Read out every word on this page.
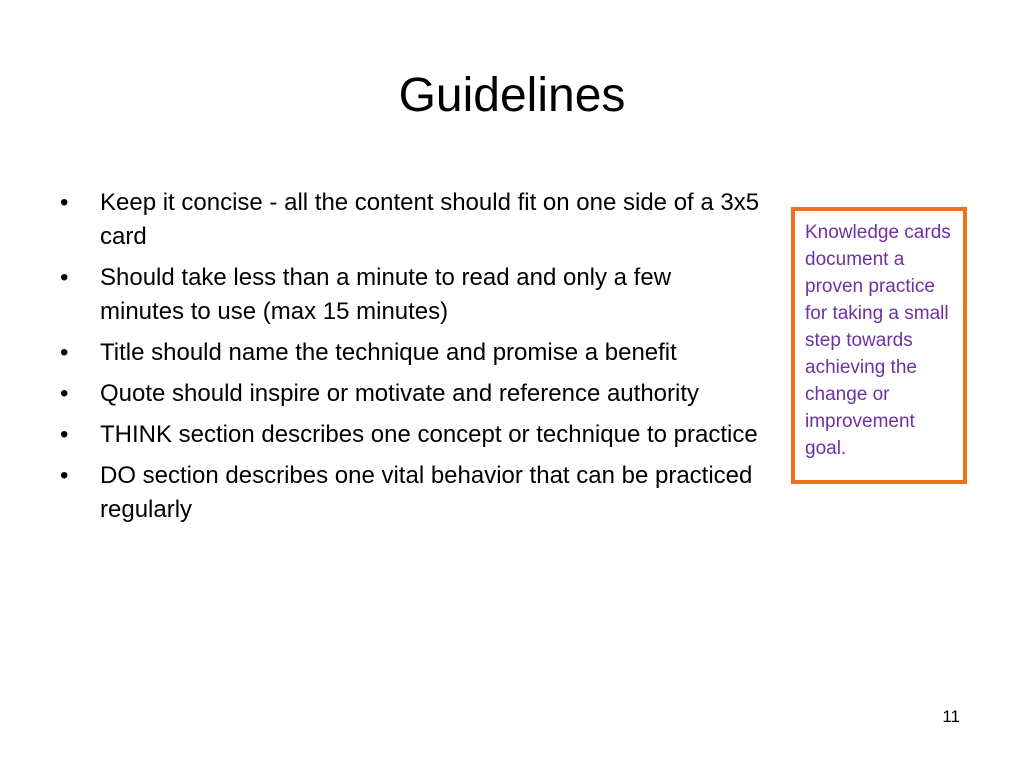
Guidelines
•	Keep it concise - all the content should fit on one side of a 3x5 card
•	Should take less than a minute to read and only a few minutes to use (max 15 minutes)
•	Title should name the technique and promise a benefit
•	Quote should inspire or motivate and reference authority
•	THINK section describes one concept or technique to practice
•	DO section describes one vital behavior that can be practiced regularly
Knowledge cards document a proven practice for taking a small step towards achieving the change or improvement goal.
11
